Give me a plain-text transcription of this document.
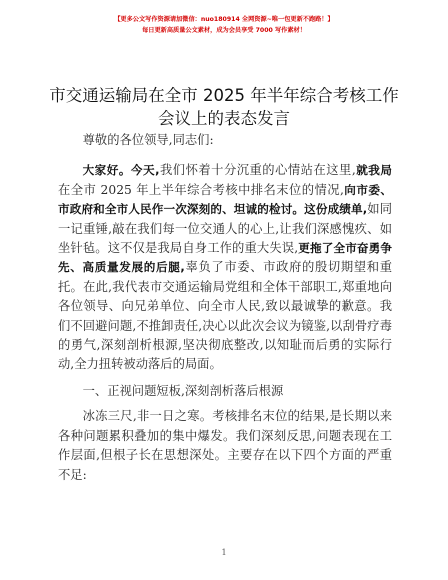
【更多公文写作资源请加微信：nuo180914 全网资源~唯一包更新不跑路！】
每日更新高质量公文素材，成为会员享受 7000 写作素材！
市交通运输局在全市 2025 年半年综合考核工作
会议上的表态发言

尊敬的各位领导,同志们:

大家好。今天,我们怀着十分沉重的心情站在这里,就我局在全市 2025 年上半年综合考核中排名末位的情况,向市委、市政府和全市人民作一次深刻的、坦诚的检讨。这份成绩单,如同一记重锤,敲在我们每一位交通人的心上,让我们深感愧疚、如坐针毡。这不仅是我局自身工作的重大失误,更拖了全市奋勇争先、高质量发展的后腿,辜负了市委、市政府的殷切期望和重托。在此,我代表市交通运输局党组和全体干部职工,郑重地向各位领导、向兄弟单位、向全市人民,致以最诚挚的歉意。我们不回避问题,不推卸责任,决心以此次会议为镜鉴,以刮骨疗毒的勇气,深刻剖析根源,坚决彻底整改,以知耻而后勇的实际行动,全力扭转被动落后的局面。

一、正视问题短板,深刻剖析落后根源

冰冻三尺,非一日之寒。考核排名末位的结果,是长期以来各种问题累积叠加的集中爆发。我们深刻反思,问题表现在工作层面,但根子长在思想深处。主要存在以下四个方面的严重不足:

1
